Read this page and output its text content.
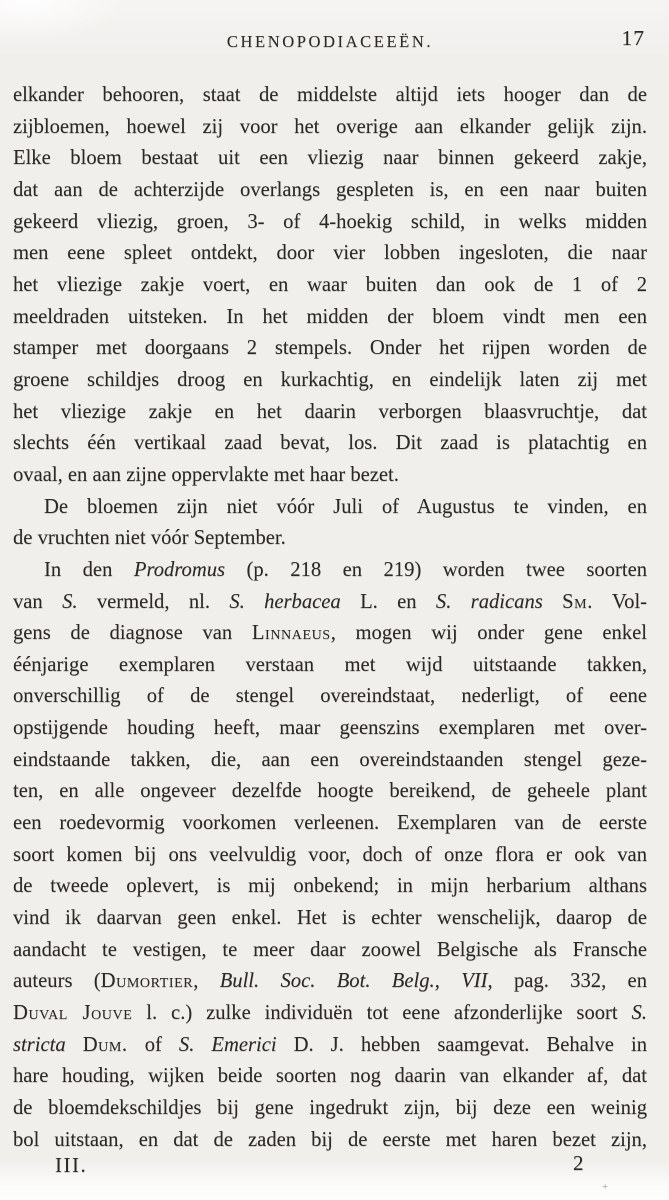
CHENOPODIACEEËN.	17
elkander behooren, staat de middelste altijd iets hooger dan de
zijbloemen, hoewel zij voor het overige aan elkander gelijk zijn.
Elke bloem bestaat uit een vliezig naar binnen gekeerd zakje,
dat aan de achterzijde overlangs gespleten is, en een naar buiten
gekeerd vliezig, groen, 3- of 4-hoekig schild, in welks midden
men eene spleet ontdekt, door vier lobben ingesloten, die naar
het vliezige zakje voert, en waar buiten dan ook de 1 of 2
meeldraden uitsteken. In het midden der bloem vindt men een
stamper met doorgaans 2 stempels. Onder het rijpen worden de
groene schildjes droog en kurkachtig, en eindelijk laten zij met
het vliezige zakje en het daarin verborgen blaasvruchtje, dat
slechts één vertikaal zaad bevat, los. Dit zaad is platachtig en
ovaal, en aan zijne oppervlakte met haar bezet.
De bloemen zijn niet vóór Juli of Augustus te vinden, en
de vruchten niet vóór September.
In den Prodromus (p. 218 en 219) worden twee soorten
van S. vermeld, nl. S. herbacea L. en S. radicans Sm. Vol-
gens de diagnose van Linnaeus, mogen wij onder gene enkel
éénjarige exemplaren verstaan met wijd uitstaande takken,
onverschillig of de stengel overeindstaat, nederligt, of eene
opstijgende houding heeft, maar geenszins exemplaren met over-
eindstaande takken, die, aan een overeindstaanden stengel geze-
ten, en alle ongeveer dezelfde hoogte bereikend, de geheele plant
een roedevormig voorkomen verleenen. Exemplaren van de eerste
soort komen bij ons veelvuldig voor, doch of onze flora er ook van
de tweede oplevert, is mij onbekend; in mijn herbarium althans
vind ik daarvan geen enkel. Het is echter wenschelijk, daarop de
aandacht te vestigen, te meer daar zoowel Belgische als Fransche
auteurs (Dumortier, Bull. Soc. Bot. Belg., VII, pag. 332, en
Duval Jouve l. c.) zulke individuën tot eene afzonderlijke soort S.
stricta Dum. of S. Emerici D. J. hebben saamgevat. Behalve in
hare houding, wijken beide soorten nog daarin van elkander af, dat
de bloemdekschildjes bij gene ingedrukt zijn, bij deze een weinig
bol uitstaan, en dat de zaden bij de eerste met haren bezet zijn,
III.	2
+
